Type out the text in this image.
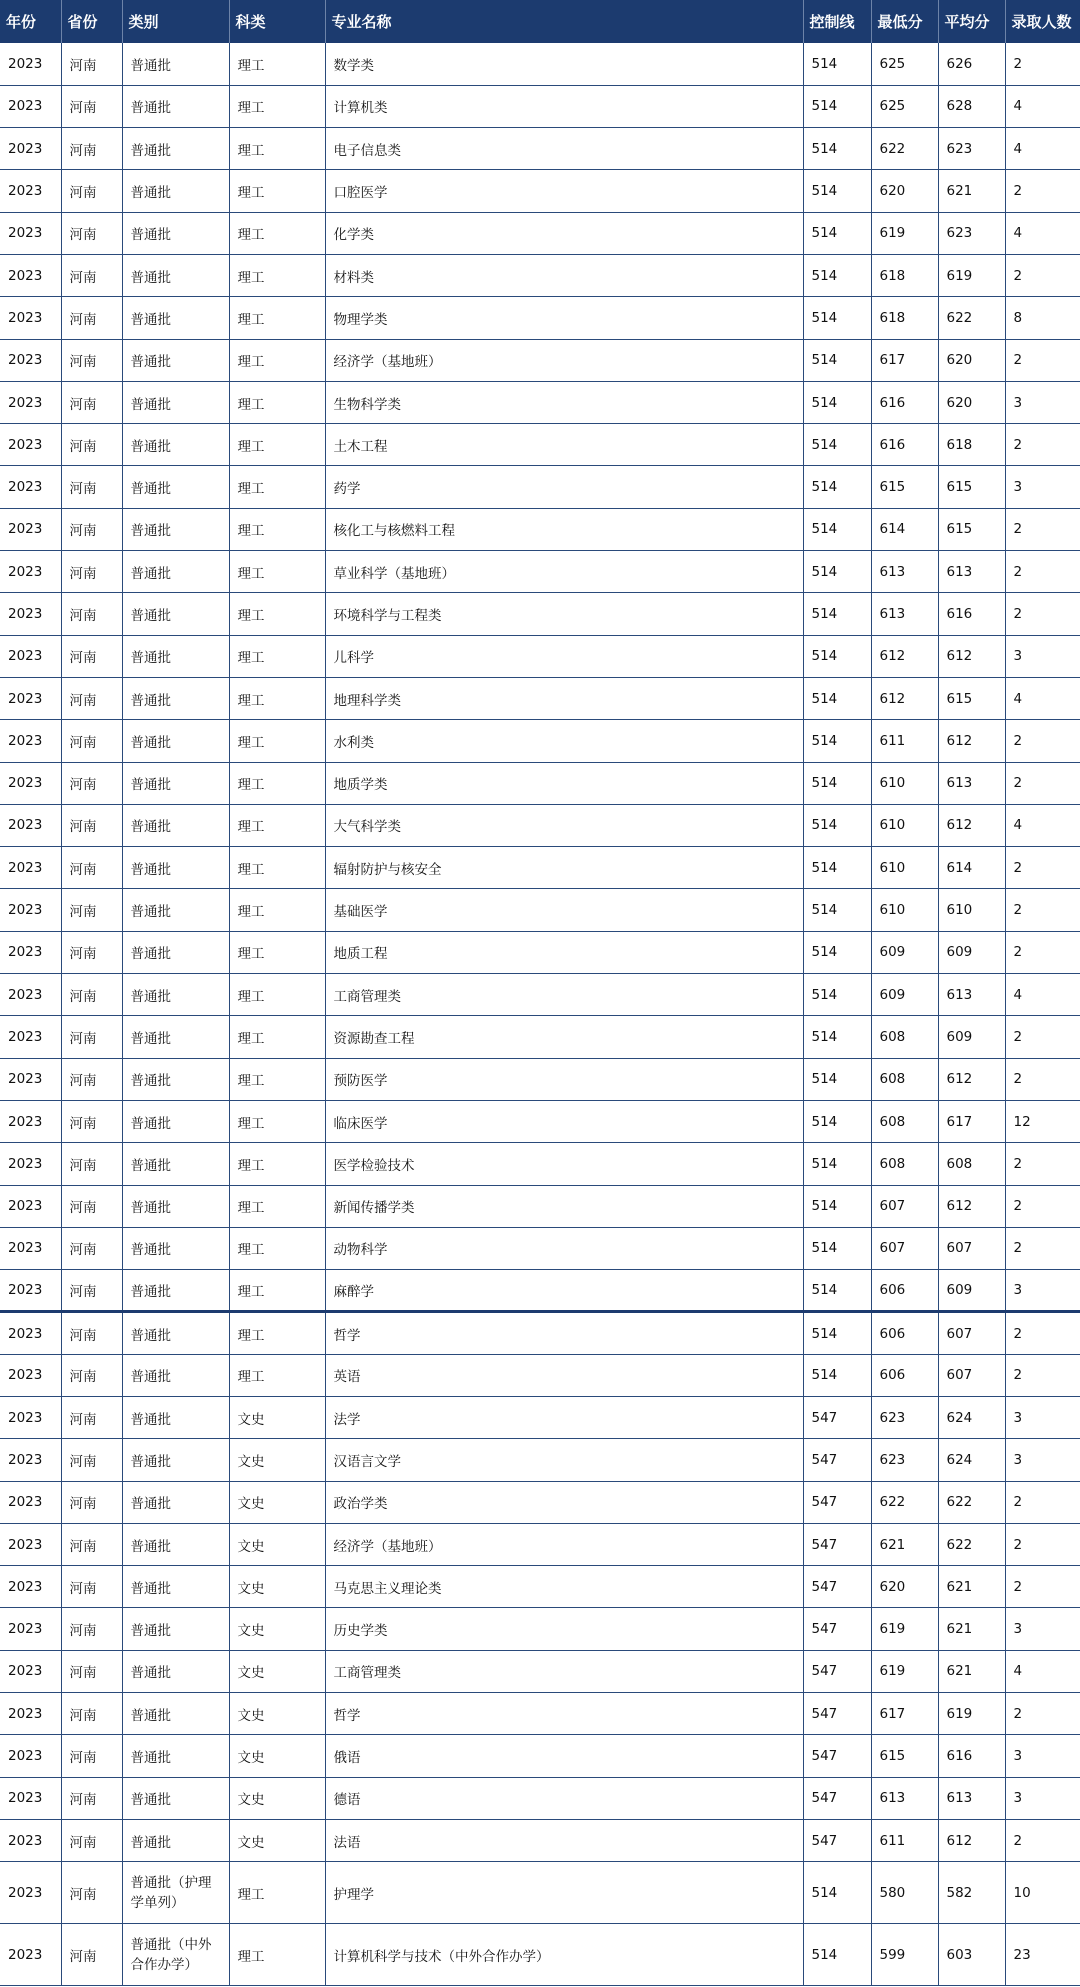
年份	省份	类别	科类	专业名称	控制线	最低分	平均分	录取人数
2023	河南	普通批	理工	数学类	514	625	626	2
2023	河南	普通批	理工	计算机类	514	625	628	4
2023	河南	普通批	理工	电子信息类	514	622	623	4
2023	河南	普通批	理工	口腔医学	514	620	621	2
2023	河南	普通批	理工	化学类	514	619	623	4
2023	河南	普通批	理工	材料类	514	618	619	2
2023	河南	普通批	理工	物理学类	514	618	622	8
2023	河南	普通批	理工	经济学（基地班）	514	617	620	2
2023	河南	普通批	理工	生物科学类	514	616	620	3
2023	河南	普通批	理工	土木工程	514	616	618	2
2023	河南	普通批	理工	药学	514	615	615	3
2023	河南	普通批	理工	核化工与核燃料工程	514	614	615	2
2023	河南	普通批	理工	草业科学（基地班）	514	613	613	2
2023	河南	普通批	理工	环境科学与工程类	514	613	616	2
2023	河南	普通批	理工	儿科学	514	612	612	3
2023	河南	普通批	理工	地理科学类	514	612	615	4
2023	河南	普通批	理工	水利类	514	611	612	2
2023	河南	普通批	理工	地质学类	514	610	613	2
2023	河南	普通批	理工	大气科学类	514	610	612	4
2023	河南	普通批	理工	辐射防护与核安全	514	610	614	2
2023	河南	普通批	理工	基础医学	514	610	610	2
2023	河南	普通批	理工	地质工程	514	609	609	2
2023	河南	普通批	理工	工商管理类	514	609	613	4
2023	河南	普通批	理工	资源勘查工程	514	608	609	2
2023	河南	普通批	理工	预防医学	514	608	612	2
2023	河南	普通批	理工	临床医学	514	608	617	12
2023	河南	普通批	理工	医学检验技术	514	608	608	2
2023	河南	普通批	理工	新闻传播学类	514	607	612	2
2023	河南	普通批	理工	动物科学	514	607	607	2
2023	河南	普通批	理工	麻醉学	514	606	609	3
2023	河南	普通批	理工	哲学	514	606	607	2
2023	河南	普通批	理工	英语	514	606	607	2
2023	河南	普通批	文史	法学	547	623	624	3
2023	河南	普通批	文史	汉语言文学	547	623	624	3
2023	河南	普通批	文史	政治学类	547	622	622	2
2023	河南	普通批	文史	经济学（基地班）	547	621	622	2
2023	河南	普通批	文史	马克思主义理论类	547	620	621	2
2023	河南	普通批	文史	历史学类	547	619	621	3
2023	河南	普通批	文史	工商管理类	547	619	621	4
2023	河南	普通批	文史	哲学	547	617	619	2
2023	河南	普通批	文史	俄语	547	615	616	3
2023	河南	普通批	文史	德语	547	613	613	3
2023	河南	普通批	文史	法语	547	611	612	2
2023	河南	普通批（护理学单列）	理工	护理学	514	580	582	10
2023	河南	普通批（中外合作办学）	理工	计算机科学与技术（中外合作办学）	514	599	603	23
